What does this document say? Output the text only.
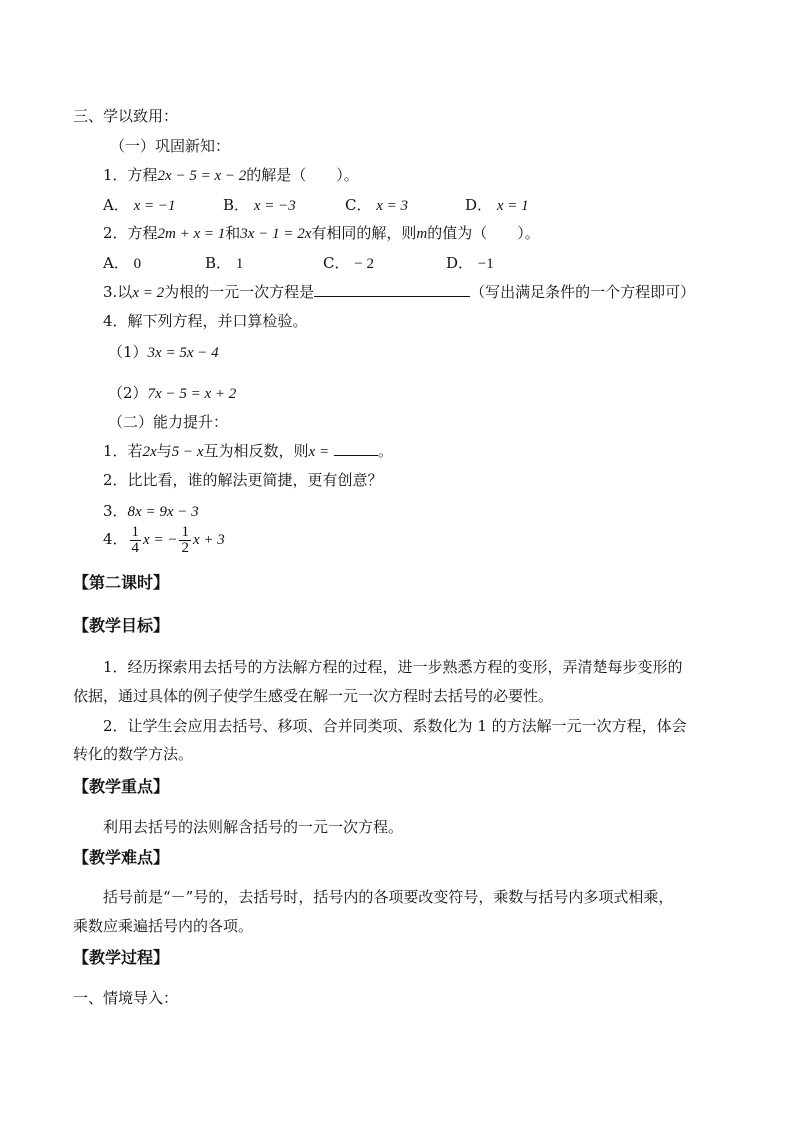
三、学以致用：
（一）巩固新知：
1．方程2x − 5 = x − 2的解是（　　）。
A． x = −1	B． x = −3	C． x = 3	D． x = 1
2．方程2m + x = 1和3x − 1 = 2x有相同的解，则m的值为（　　）。
A． 0	B． 1	C． − 2	D． −1
3.以x = 2为根的一元一次方程是	（写出满足条件的一个方程即可）
4．解下列方程，并口算检验。
（1）3x = 5x − 4
（2）7x − 5 = x + 2
（二）能力提升：
1．若2x与5 − x互为相反数，则x =	。
2．比比看，谁的解法更简捷，更有创意？
3．8x = 9x − 3
4． $\frac{1}{4}$ x = − $\frac{1}{2}$ x + 3
【第二课时】
【教学目标】
1．经历探索用去括号的方法解方程的过程，进一步熟悉方程的变形，弄清楚每步变形的
依据，通过具体的例子使学生感受在解一元一次方程时去括号的必要性。
2．让学生会应用去括号、移项、合并同类项、系数化为 1 的方法解一元一次方程，体会
转化的数学方法。
【教学重点】
利用去括号的法则解含括号的一元一次方程。
【教学难点】
括号前是“－”号的，去括号时，括号内的各项要改变符号，乘数与括号内多项式相乘，
乘数应乘遍括号内的各项。
【教学过程】
一、情境导入：
